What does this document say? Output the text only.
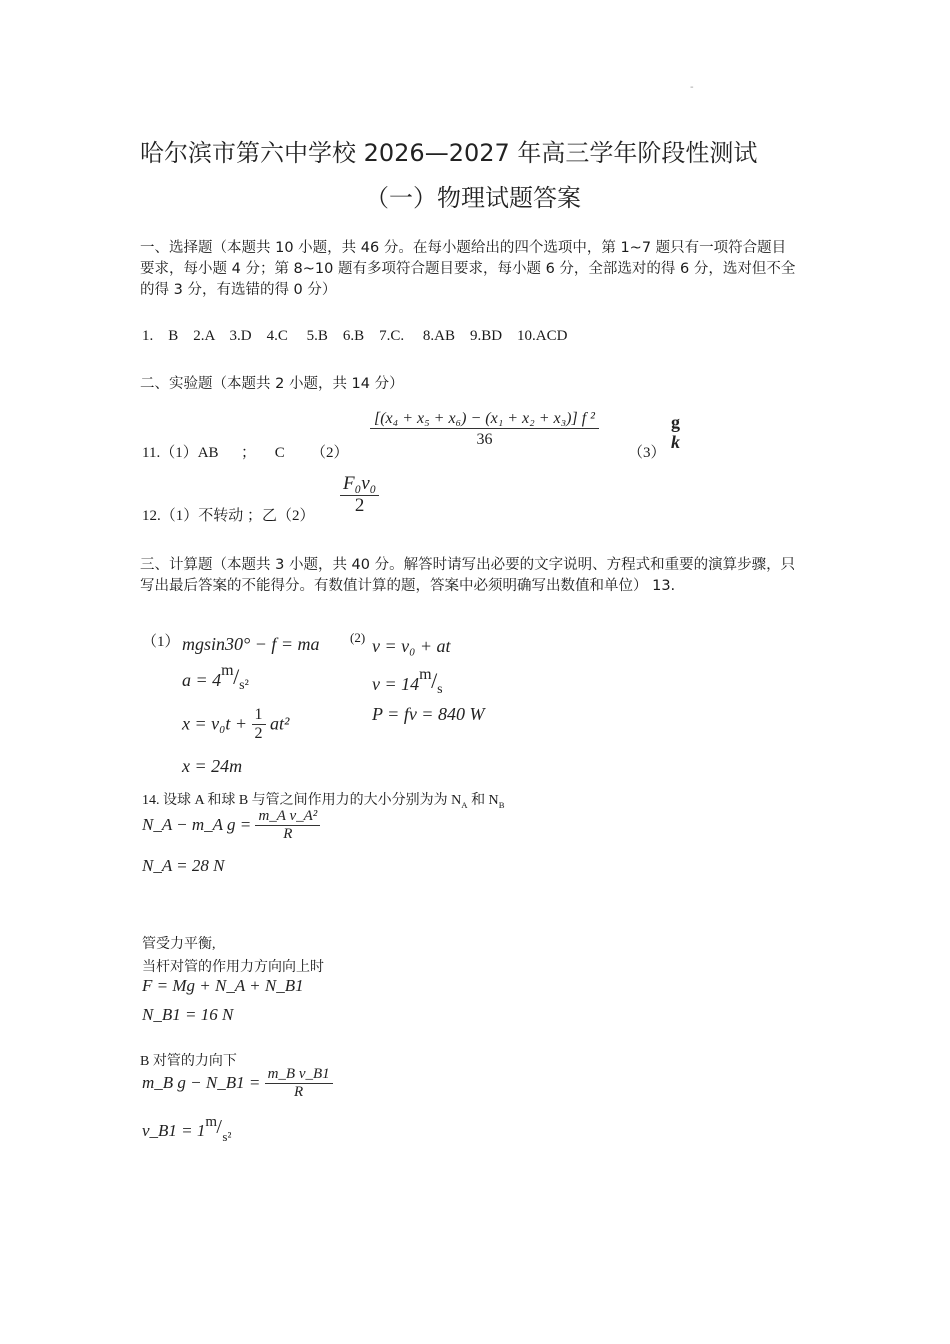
-
哈尔滨市第六中学校 2026—2027 年高三学年阶段性测试
（一）物理试题答案
一、选择题（本题共 10 小题，共 46 分。在每小题给出的四个选项中，第 1~7 题只有一项符合题目要求，每小题 4 分；第 8~10 题有多项符合题目要求，每小题 6 分，全部选对的得 6 分，选对但不全的得 3 分，有选错的得 0 分）
1.    B    2.A    3.D    4.C     5.B    6.B    7.C.     8.AB    9.BD    10.ACD
二、实验题（本题共 2 小题，共 14 分）
11.（1）AB      ；     C       （2）
$\frac{\text{[(x₄ + x₅ + x₆) − (x₁ + x₂ + x₃)] f ²}}{36}$
（3）
g
k
12.（1）不转动 ；乙$(2) \frac{\text{F₀v₀}}{2}$
三、计算题（本题共 3 小题，共 40 分。解答时请写出必要的文字说明、方程式和重要的演算步骤，只写出最后答案的不能得分。有数值计算的题，答案中必须明确写出数值和单位） 13.
（1） mgsin30° − f = ma
a = 4 m / s²
$x = v_0t + \frac{1}{2} at^2$
x = 24m
(2) v = v₀ + at
v = 14 m / s
P = fv = 840 W
14. 设球 A 和球 B 与管之间作用力的大小分别为为 $N_A$ 和 $N_B$
N_A − m_A $g = \frac{\text{m\_A v\_A²}}{R}$
N_A = 28 N
管受力平衡,
当杆对管的作用力方向向上时
F = Mg + N_A + N_B1
N_B1 = 16 N
B 对管的力向下
m_B g − N_B1 = $\frac{\text{m\_B v\_B1}}{R}$
v_B1 = 1 m / s²
